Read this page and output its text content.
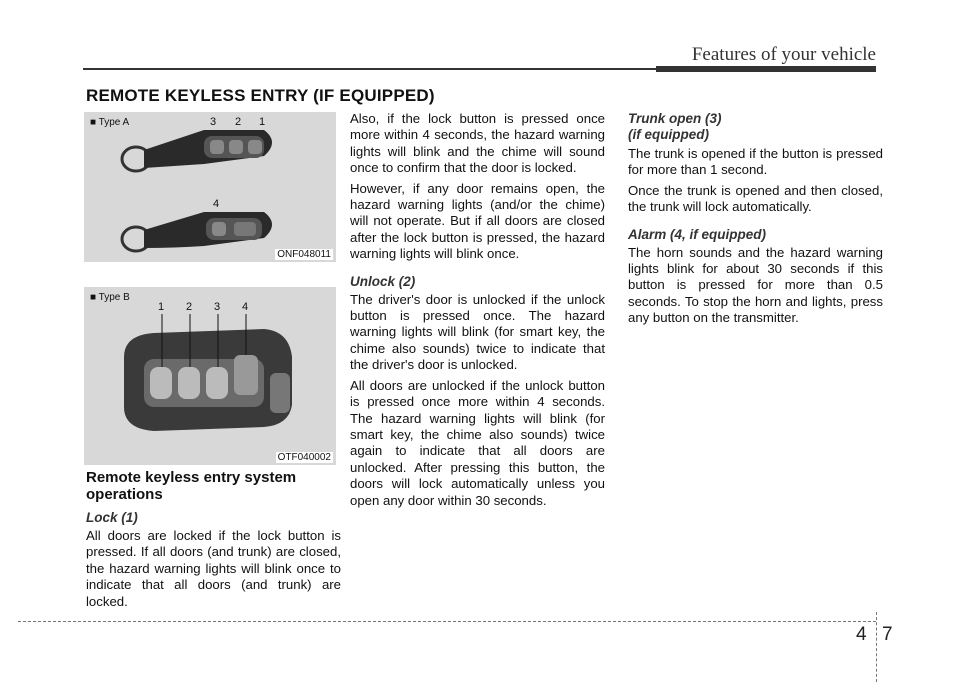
Features of your vehicle
REMOTE KEYLESS ENTRY (IF EQUIPPED)
■ Type A	3 2 1
4
ONF048011
■ Type B
1 2 3 4
OTF040002
Remote keyless entry system operations
Lock (1)

All doors are locked if the lock button is pressed. If all doors (and trunk) are closed, the hazard warning lights will blink once to indicate that all doors (and trunk) are locked.

Also, if the lock button is pressed once more within 4 seconds, the hazard warning lights will blink and the chime will sound once to confirm that the door is locked.

However, if any door remains open, the hazard warning lights (and/or the chime) will not operate. But if all doors are closed after the lock button is pressed, the hazard warning lights will blink once.

Unlock (2)

The driver's door is unlocked if the unlock button is pressed once. The hazard warning lights will blink (for smart key, the chime also sounds) twice to indicate that the driver's door is unlocked.

All doors are unlocked if the unlock button is pressed once more within 4 seconds. The hazard warning lights will blink (for smart key, the chime also sounds) twice again to indicate that all doors are unlocked. After pressing this button, the doors will lock automatically unless you open any door within 30 seconds.

Trunk open (3)
(if equipped)

The trunk is opened if the button is pressed for more than 1 second.

Once the trunk is opened and then closed, the trunk will lock automatically.

Alarm (4, if equipped)

The horn sounds and the hazard warning lights blink for about 30 seconds if this button is pressed for more than 0.5 seconds. To stop the horn and lights, press any button on the transmitter.

4 7
